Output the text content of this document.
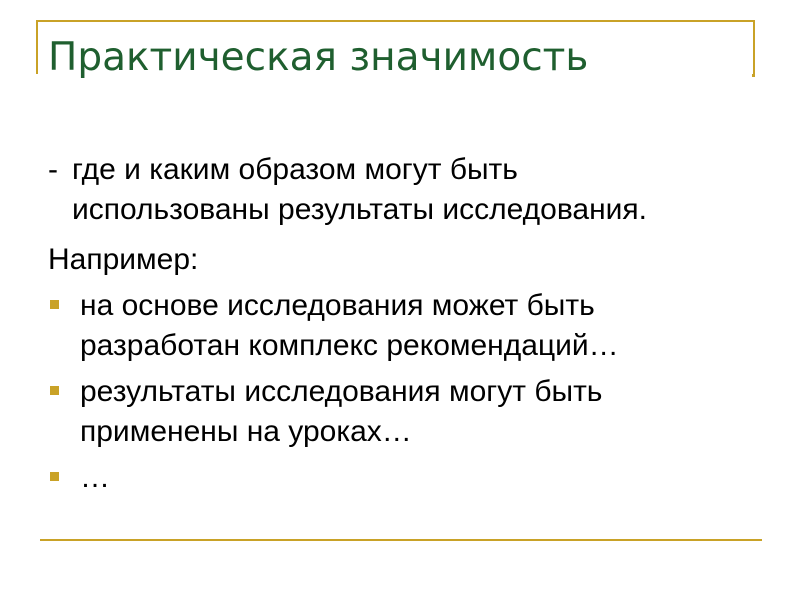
Практическая значимость

- где и каким образом могут быть

использованы результаты исследования.

Например:
на основе исследования может быть
разработан комплекс рекомендаций…
результаты исследования могут быть
применены на уроках…
…
